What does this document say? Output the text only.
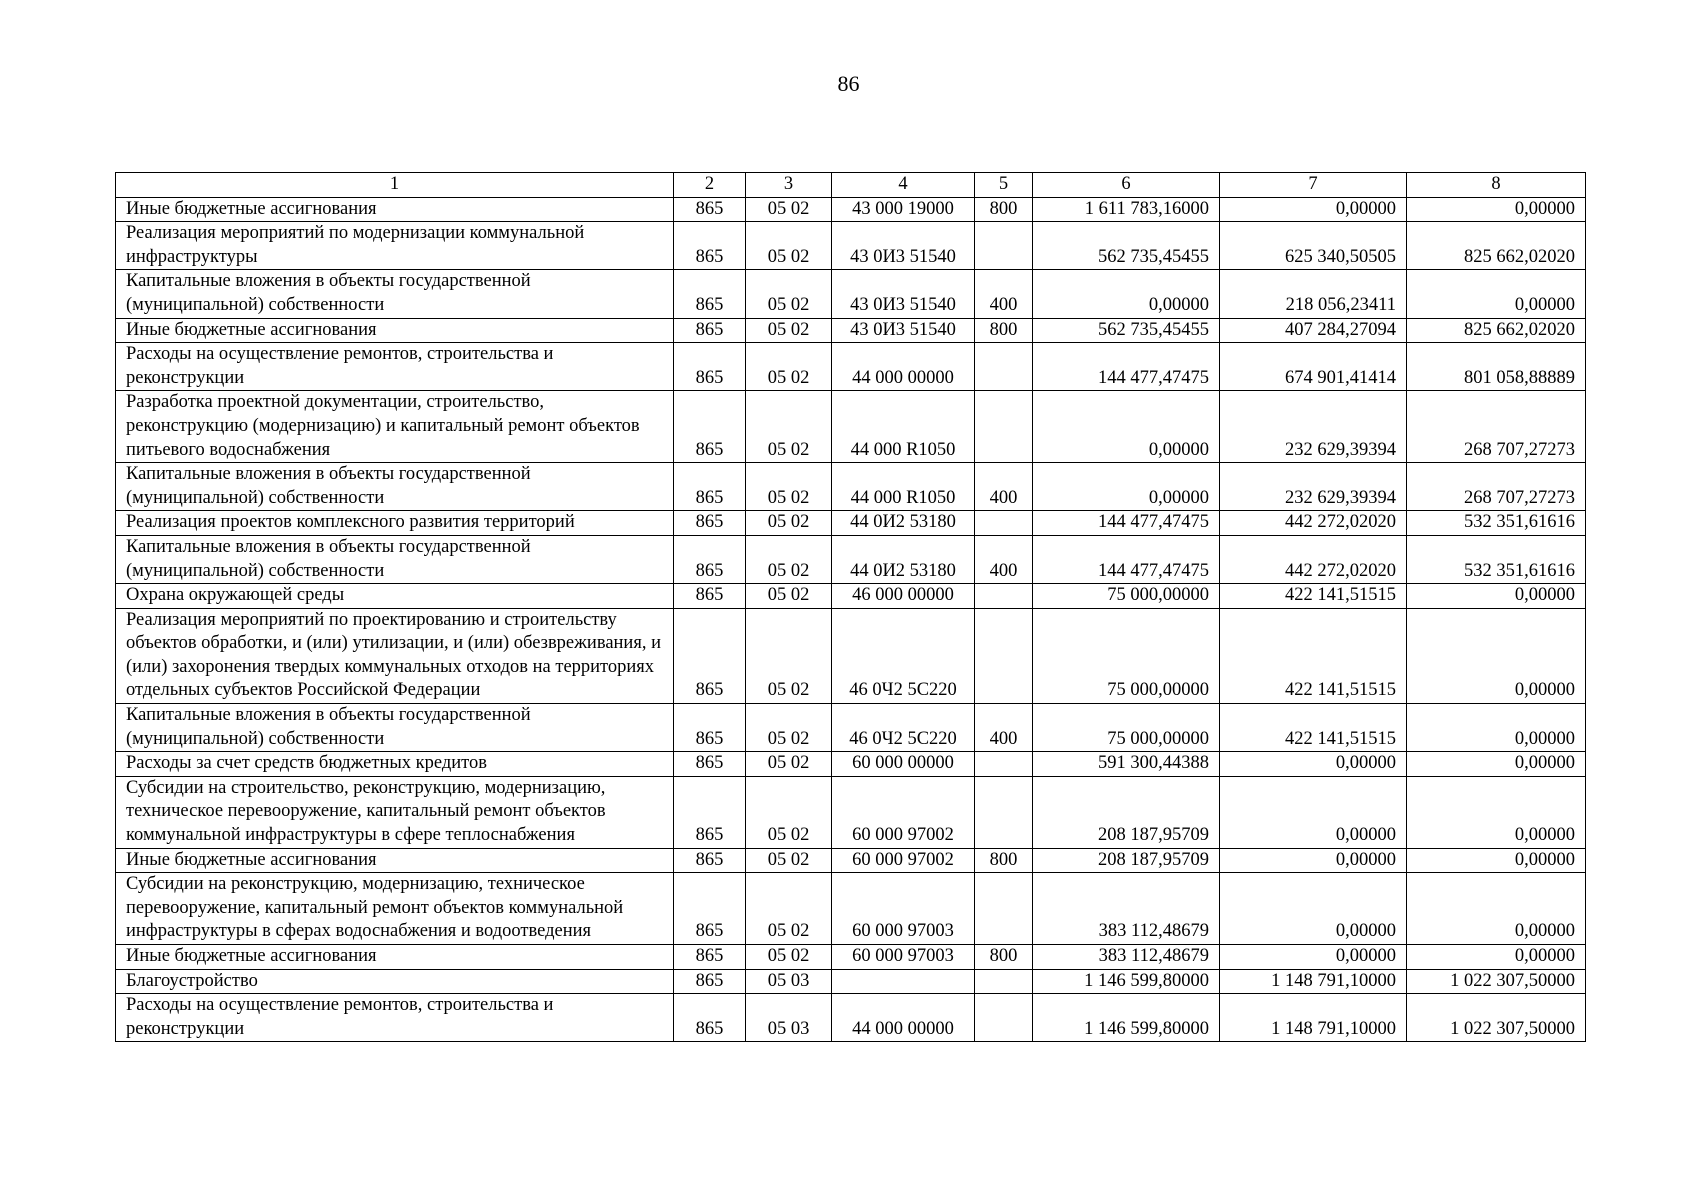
86
1	2	3	4	5	6	7	8
Иные бюджетные ассигнования	865	05 02	43 000 19000	800	1 611 783,16000	0,00000	0,00000
Реализация мероприятий по модернизации коммунальной инфраструктуры	865	05 02	43 0И3 51540		562 735,45455	625 340,50505	825 662,02020
Капитальные вложения в объекты государственной (муниципальной) собственности	865	05 02	43 0И3 51540	400	0,00000	218 056,23411	0,00000
Иные бюджетные ассигнования	865	05 02	43 0И3 51540	800	562 735,45455	407 284,27094	825 662,02020
Расходы на осуществление ремонтов, строительства и реконструкции	865	05 02	44 000 00000		144 477,47475	674 901,41414	801 058,88889
Разработка проектной документации, строительство, реконструкцию (модернизацию) и капитальный ремонт объектов питьевого водоснабжения	865	05 02	44 000 R1050		0,00000	232 629,39394	268 707,27273
Капитальные вложения в объекты государственной (муниципальной) собственности	865	05 02	44 000 R1050	400	0,00000	232 629,39394	268 707,27273
Реализация проектов комплексного развития территорий	865	05 02	44 0И2 53180		144 477,47475	442 272,02020	532 351,61616
Капитальные вложения в объекты государственной (муниципальной) собственности	865	05 02	44 0И2 53180	400	144 477,47475	442 272,02020	532 351,61616
Охрана окружающей среды	865	05 02	46 000 00000		75 000,00000	422 141,51515	0,00000
Реализация мероприятий по проектированию и строительству объектов обработки, и (или) утилизации, и (или) обезвреживания, и (или) захоронения твердых коммунальных отходов на территориях отдельных субъектов Российской Федерации	865	05 02	46 0Ч2 5С220		75 000,00000	422 141,51515	0,00000
Капитальные вложения в объекты государственной (муниципальной) собственности	865	05 02	46 0Ч2 5С220	400	75 000,00000	422 141,51515	0,00000
Расходы за счет средств бюджетных кредитов	865	05 02	60 000 00000		591 300,44388	0,00000	0,00000
Субсидии на строительство, реконструкцию, модернизацию, техническое перевооружение, капитальный ремонт объектов коммунальной инфраструктуры в сфере теплоснабжения	865	05 02	60 000 97002		208 187,95709	0,00000	0,00000
Иные бюджетные ассигнования	865	05 02	60 000 97002	800	208 187,95709	0,00000	0,00000
Субсидии на реконструкцию, модернизацию, техническое перевооружение, капитальный ремонт объектов коммунальной инфраструктуры в сферах водоснабжения и водоотведения	865	05 02	60 000 97003		383 112,48679	0,00000	0,00000
Иные бюджетные ассигнования	865	05 02	60 000 97003	800	383 112,48679	0,00000	0,00000
Благоустройство	865	05 03			1 146 599,80000	1 148 791,10000	1 022 307,50000
Расходы на осуществление ремонтов, строительства и реконструкции	865	05 03	44 000 00000		1 146 599,80000	1 148 791,10000	1 022 307,50000
